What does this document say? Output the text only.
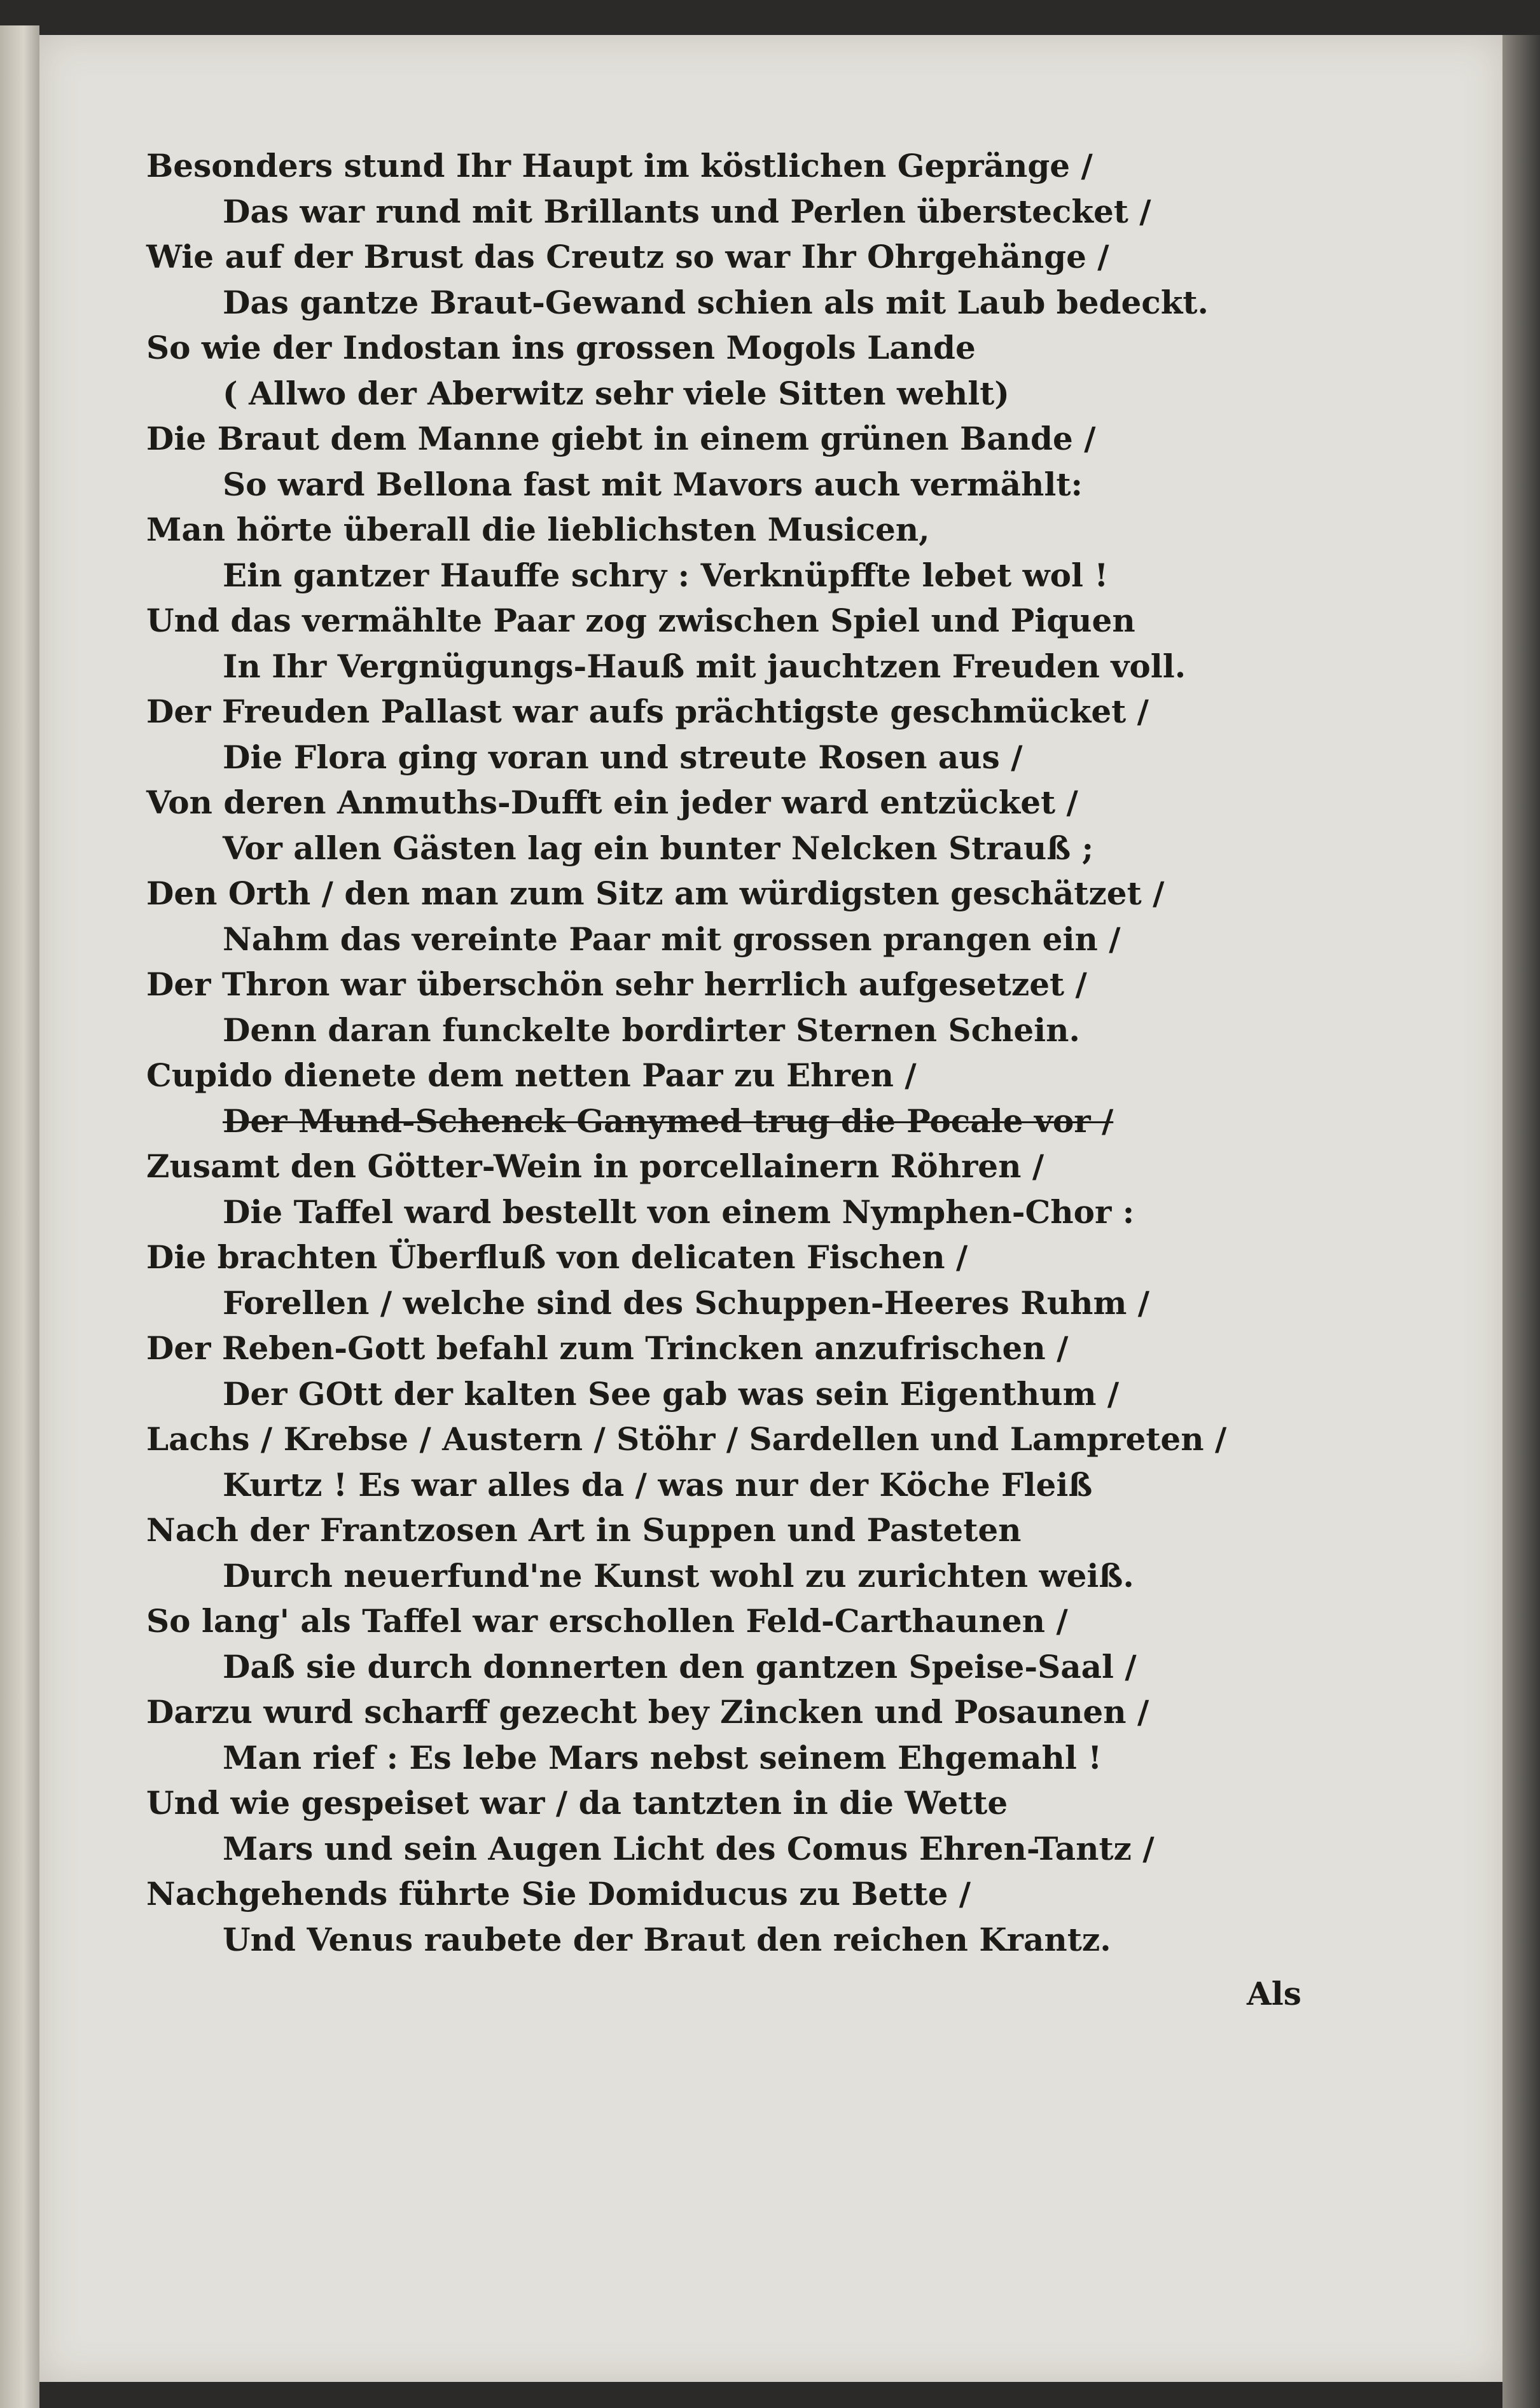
Besonders stund Ihr Haupt im köstlichen Gepränge /
Das war rund mit Brillants und Perlen überstecket /
Wie auf der Brust das Creutz so war Ihr Ohrgehänge /
Das gantze Braut-Gewand schien als mit Laub bedeckt.
So wie der Indostan ins grossen Mogols Lande
( Allwo der Aberwitz sehr viele Sitten wehlt)
Die Braut dem Manne giebt in einem grünen Bande /
So ward Bellona fast mit Mavors auch vermählt:
Man hörte überall die lieblichsten Musicen,
Ein gantzer Hauffe schry : Verknüpffte lebet wol !
Und das vermählte Paar zog zwischen Spiel und Piquen
In Ihr Vergnügungs-Hauß mit jauchtzen Freuden voll.
Der Freuden Pallast war aufs prächtigste geschmücket /
Die Flora ging voran und streute Rosen aus /
Von deren Anmuths-Dufft ein jeder ward entzücket /
Vor allen Gästen lag ein bunter Nelcken Strauß ;
Den Orth / den man zum Sitz am würdigsten geschätzet /
Nahm das vereinte Paar mit grossen prangen ein /
Der Thron war überschön sehr herrlich aufgesetzet /
Denn daran funckelte bordirter Sternen Schein.
Cupido dienete dem netten Paar zu Ehren /
Der Mund-Schenck Ganymed trug die Pocale vor /
Zusamt den Götter-Wein in porcellainern Röhren /
Die Taffel ward bestellt von einem Nymphen-Chor :
Die brachten Überfluß von delicaten Fischen /
Forellen / welche sind des Schuppen-Heeres Ruhm /
Der Reben-Gott befahl zum Trincken anzufrischen /
Der GOtt der kalten See gab was sein Eigenthum /
Lachs / Krebse / Austern / Stöhr / Sardellen und Lampreten /
Kurtz ! Es war alles da / was nur der Köche Fleiß
Nach der Frantzosen Art in Suppen und Pasteten
Durch neuerfund'ne Kunst wohl zu zurichten weiß.
So lang' als Taffel war erschollen Feld-Carthaunen /
Daß sie durch donnerten den gantzen Speise-Saal /
Darzu wurd scharff gezecht bey Zincken und Posaunen /
Man rief : Es lebe Mars nebst seinem Ehgemahl !
Und wie gespeiset war / da tantzten in die Wette
Mars und sein Augen Licht des Comus Ehren-Tantz /
Nachgehends führte Sie Domiducus zu Bette /
Und Venus raubete der Braut den reichen Krantz.
Als
